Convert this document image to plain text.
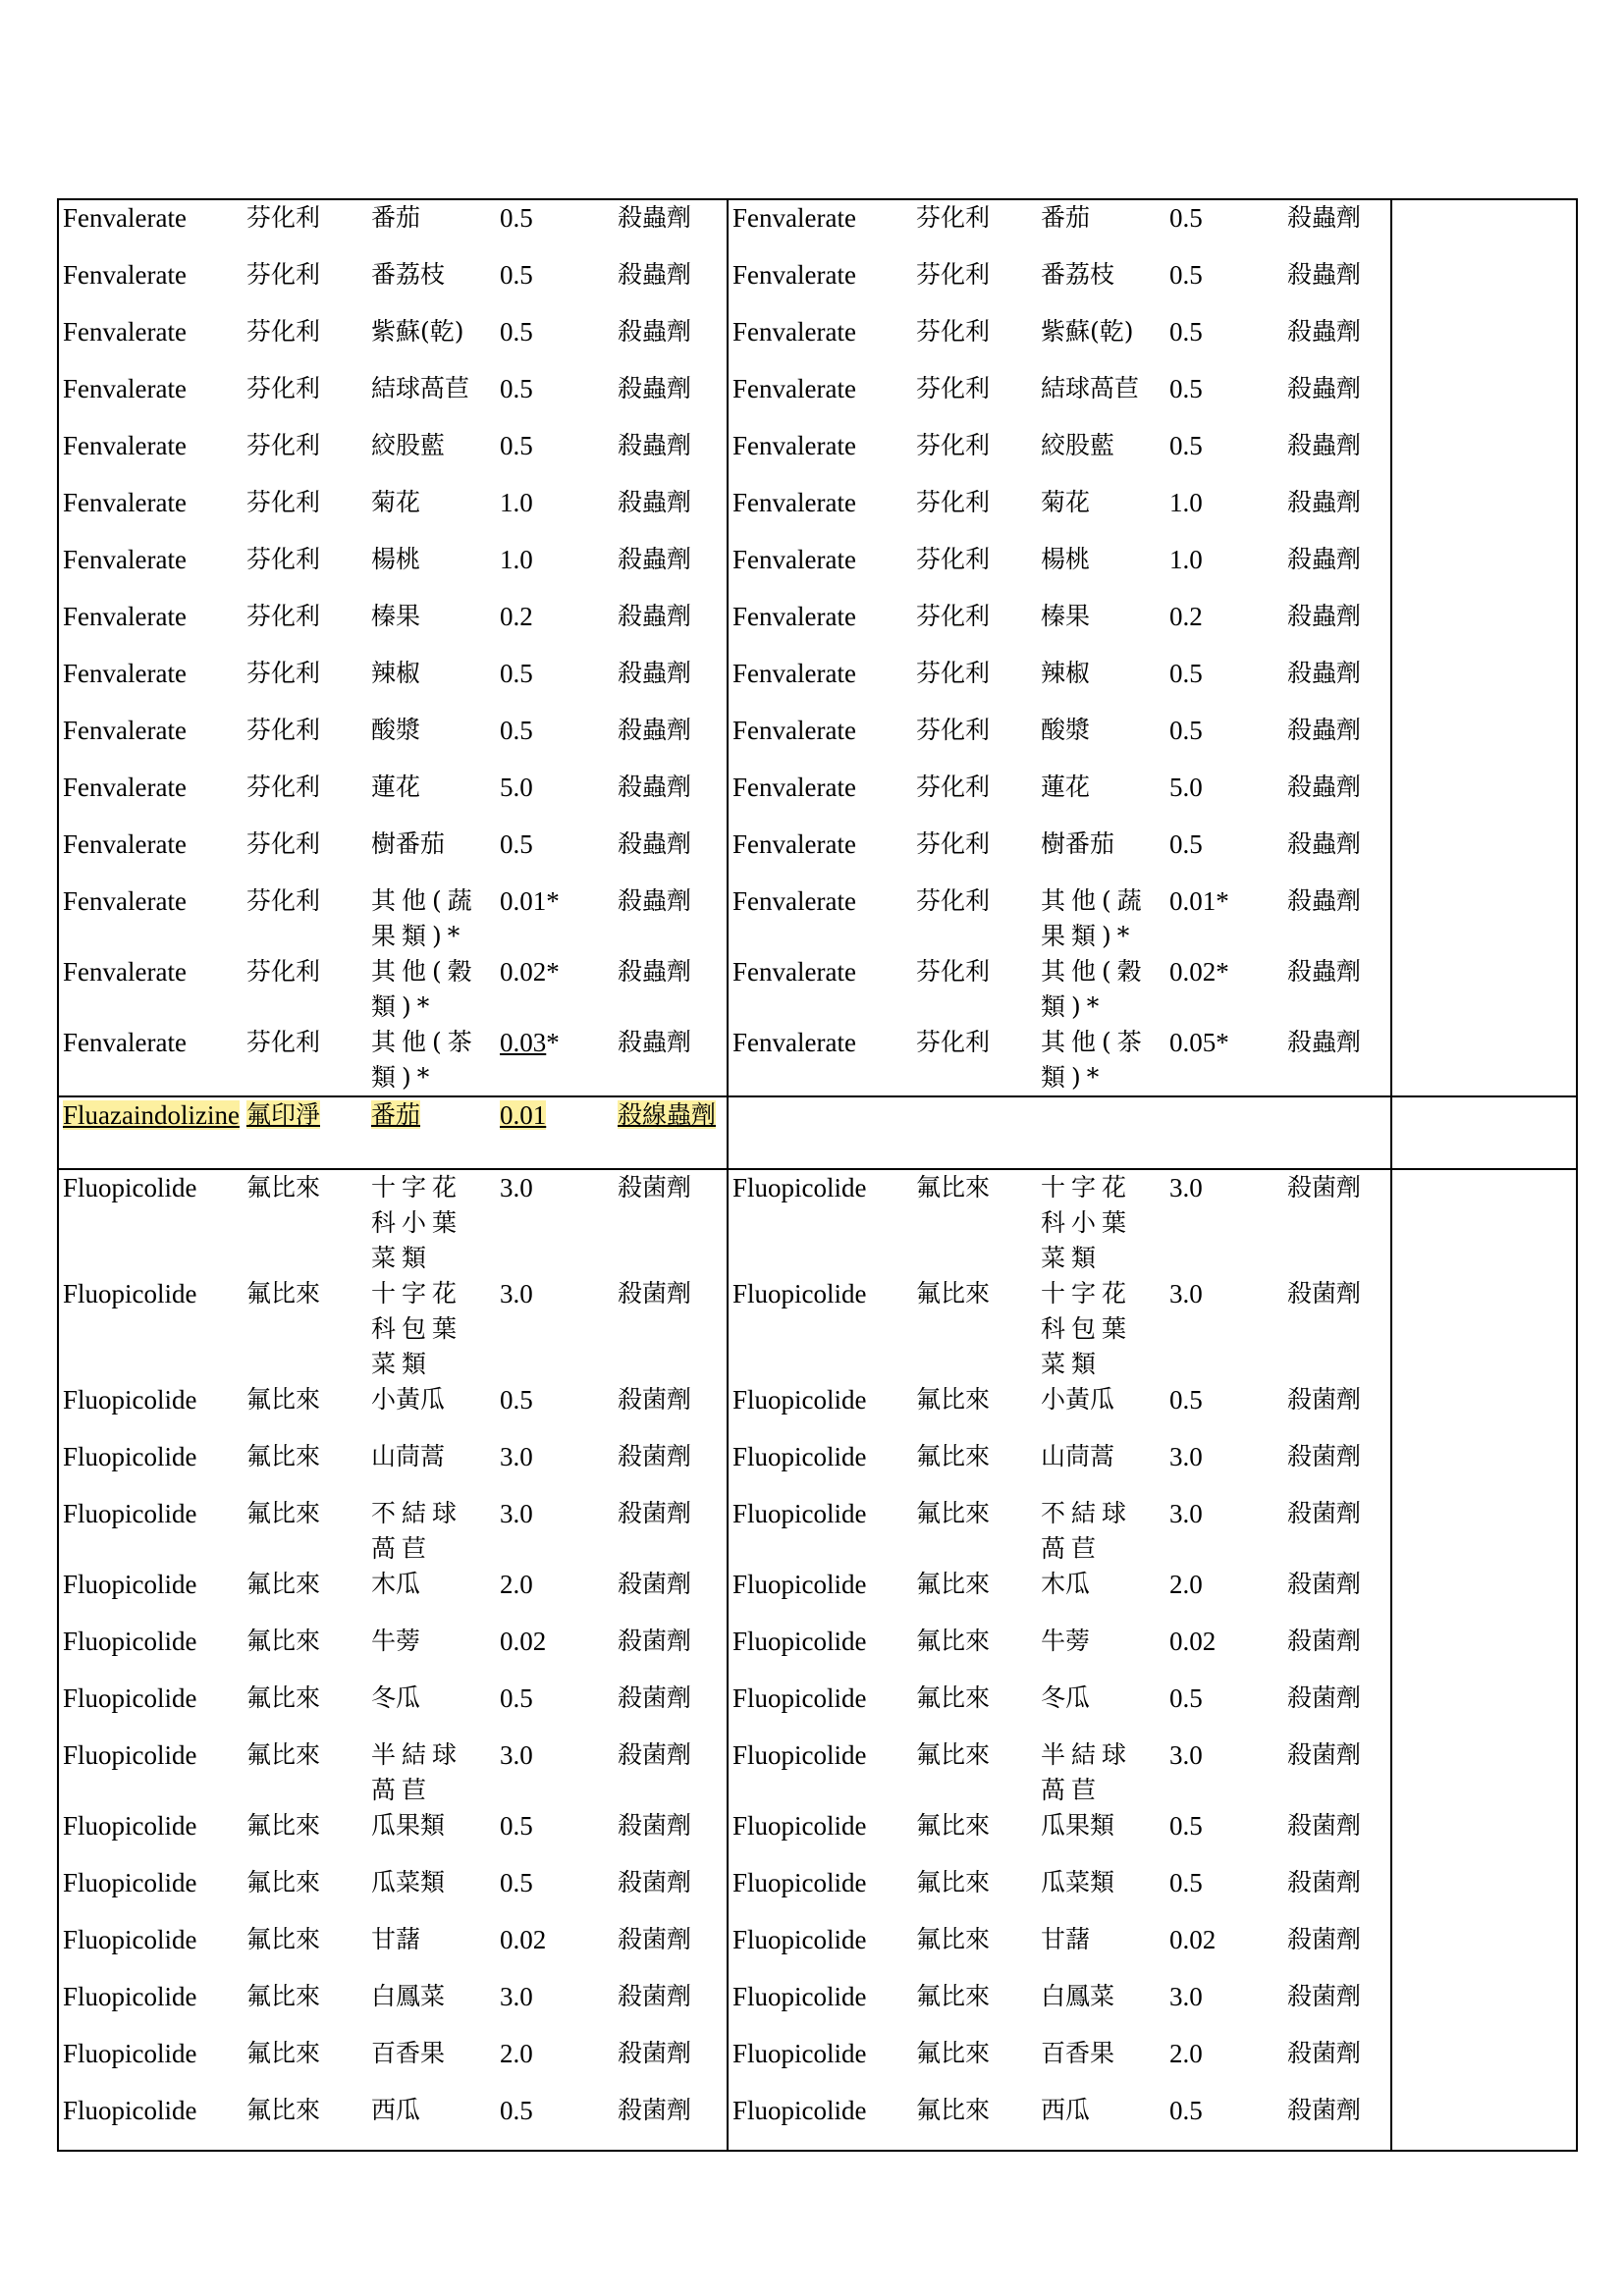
Fenvalerate	芬化利	番茄	0.5	殺蟲劑	Fenvalerate	芬化利	番茄	0.5	殺蟲劑	
Fenvalerate	芬化利	番荔枝	0.5	殺蟲劑	Fenvalerate	芬化利	番荔枝	0.5	殺蟲劑	
Fenvalerate	芬化利	紫蘇(乾)	0.5	殺蟲劑	Fenvalerate	芬化利	紫蘇(乾)	0.5	殺蟲劑	
Fenvalerate	芬化利	結球萵苣	0.5	殺蟲劑	Fenvalerate	芬化利	結球萵苣	0.5	殺蟲劑	
Fenvalerate	芬化利	絞股藍	0.5	殺蟲劑	Fenvalerate	芬化利	絞股藍	0.5	殺蟲劑	
Fenvalerate	芬化利	菊花	1.0	殺蟲劑	Fenvalerate	芬化利	菊花	1.0	殺蟲劑	
Fenvalerate	芬化利	楊桃	1.0	殺蟲劑	Fenvalerate	芬化利	楊桃	1.0	殺蟲劑	
Fenvalerate	芬化利	榛果	0.2	殺蟲劑	Fenvalerate	芬化利	榛果	0.2	殺蟲劑	
Fenvalerate	芬化利	辣椒	0.5	殺蟲劑	Fenvalerate	芬化利	辣椒	0.5	殺蟲劑	
Fenvalerate	芬化利	酸漿	0.5	殺蟲劑	Fenvalerate	芬化利	酸漿	0.5	殺蟲劑	
Fenvalerate	芬化利	蓮花	5.0	殺蟲劑	Fenvalerate	芬化利	蓮花	5.0	殺蟲劑	
Fenvalerate	芬化利	樹番茄	0.5	殺蟲劑	Fenvalerate	芬化利	樹番茄	0.5	殺蟲劑	
Fenvalerate	芬化利	其他(蔬果類)*	0.01*	殺蟲劑	Fenvalerate	芬化利	其他(蔬果類)*	0.01*	殺蟲劑	
Fenvalerate	芬化利	其他(穀類)*	0.02*	殺蟲劑	Fenvalerate	芬化利	其他(穀類)*	0.02*	殺蟲劑	
Fenvalerate	芬化利	其他(茶類)*	0.03*	殺蟲劑	Fenvalerate	芬化利	其他(茶類)*	0.05*	殺蟲劑	
Fluazaindolizine	氟印淨	番茄	0.01	殺線蟲劑						
Fluopicolide	氟比來	十字花科小葉菜類	3.0	殺菌劑	Fluopicolide	氟比來	十字花科小葉菜類	3.0	殺菌劑	
Fluopicolide	氟比來	十字花科包葉菜類	3.0	殺菌劑	Fluopicolide	氟比來	十字花科包葉菜類	3.0	殺菌劑	
Fluopicolide	氟比來	小黃瓜	0.5	殺菌劑	Fluopicolide	氟比來	小黃瓜	0.5	殺菌劑	
Fluopicolide	氟比來	山茼蒿	3.0	殺菌劑	Fluopicolide	氟比來	山茼蒿	3.0	殺菌劑	
Fluopicolide	氟比來	不結球萵苣	3.0	殺菌劑	Fluopicolide	氟比來	不結球萵苣	3.0	殺菌劑	
Fluopicolide	氟比來	木瓜	2.0	殺菌劑	Fluopicolide	氟比來	木瓜	2.0	殺菌劑	
Fluopicolide	氟比來	牛蒡	0.02	殺菌劑	Fluopicolide	氟比來	牛蒡	0.02	殺菌劑	
Fluopicolide	氟比來	冬瓜	0.5	殺菌劑	Fluopicolide	氟比來	冬瓜	0.5	殺菌劑	
Fluopicolide	氟比來	半結球萵苣	3.0	殺菌劑	Fluopicolide	氟比來	半結球萵苣	3.0	殺菌劑	
Fluopicolide	氟比來	瓜果類	0.5	殺菌劑	Fluopicolide	氟比來	瓜果類	0.5	殺菌劑	
Fluopicolide	氟比來	瓜菜類	0.5	殺菌劑	Fluopicolide	氟比來	瓜菜類	0.5	殺菌劑	
Fluopicolide	氟比來	甘藷	0.02	殺菌劑	Fluopicolide	氟比來	甘藷	0.02	殺菌劑	
Fluopicolide	氟比來	白鳳菜	3.0	殺菌劑	Fluopicolide	氟比來	白鳳菜	3.0	殺菌劑	
Fluopicolide	氟比來	百香果	2.0	殺菌劑	Fluopicolide	氟比來	百香果	2.0	殺菌劑	
Fluopicolide	氟比來	西瓜	0.5	殺菌劑	Fluopicolide	氟比來	西瓜	0.5	殺菌劑	
